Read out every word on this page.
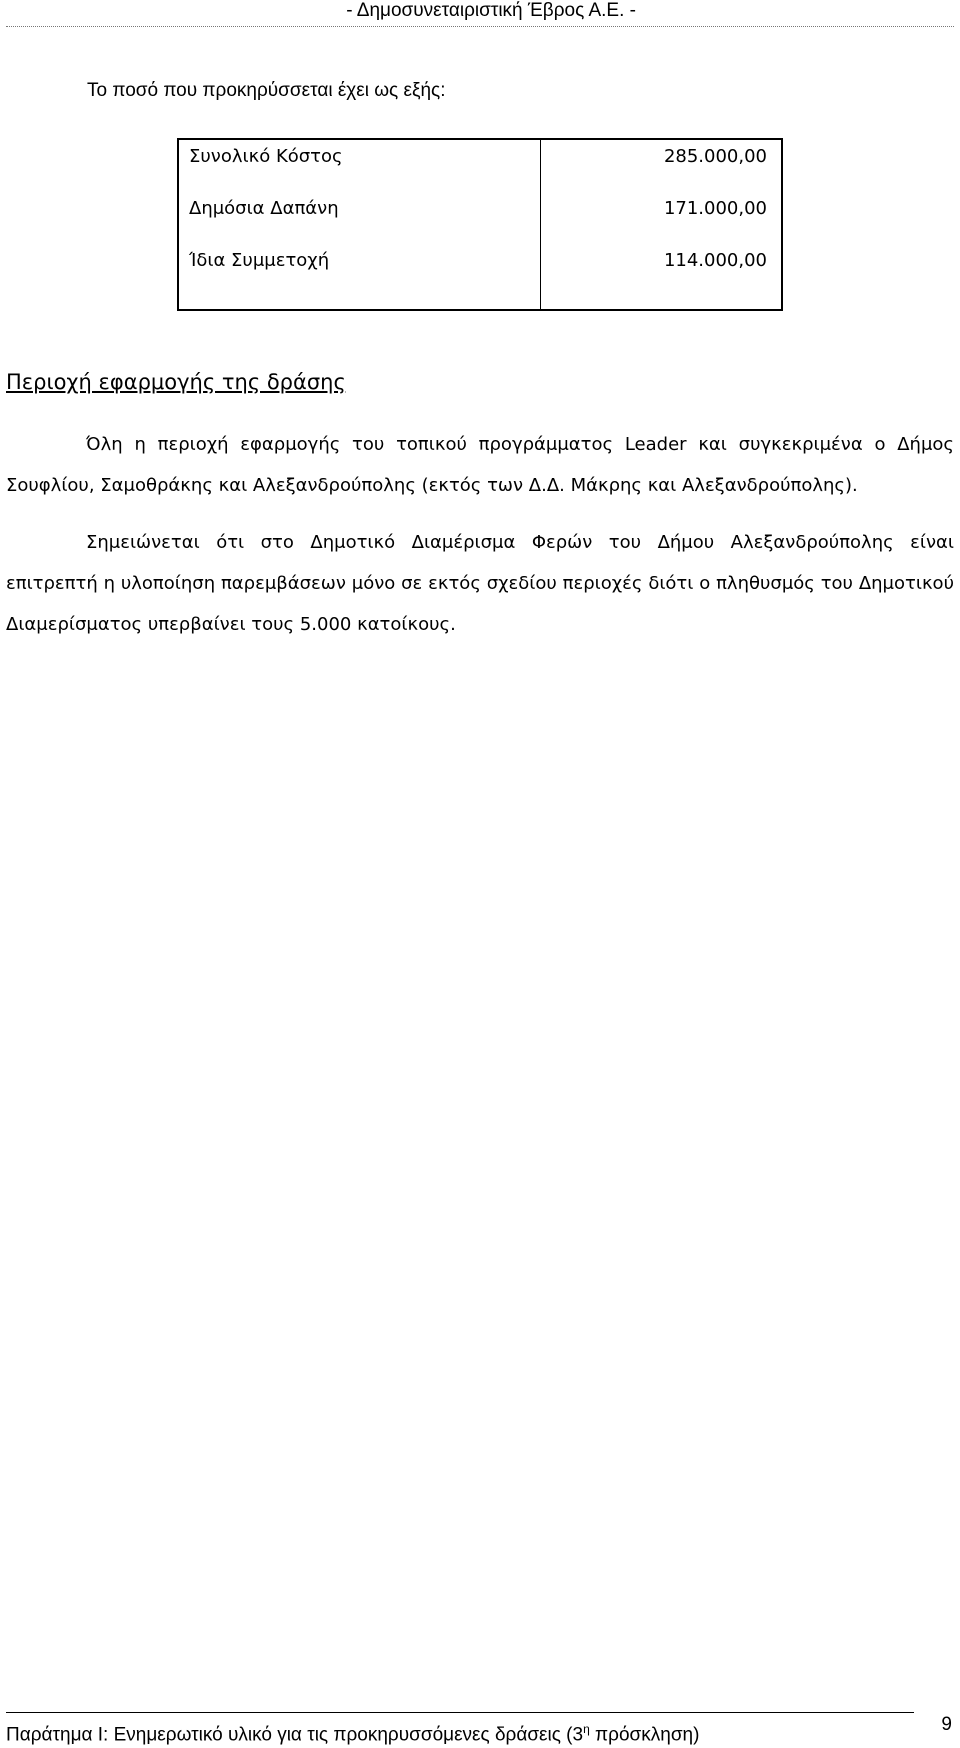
- Δημοσυνεταιριστική Έβρος Α.Ε. -
Το ποσό που προκηρύσσεται έχει ως εξής:
Συνολικό Κόστος	285.000,00
Δημόσια Δαπάνη	171.000,00
Ίδια Συμμετοχή	114.000,00
Περιοχή εφαρμογής της δράσης
Όλη η περιοχή εφαρμογής του τοπικού προγράμματος Leader και συγκεκριμένα ο Δήμος Σουφλίου, Σαμοθράκης και Αλεξανδρούπολης (εκτός των Δ.Δ. Μάκρης και Αλεξανδρούπολης).
Σημειώνεται ότι στο Δημοτικό Διαμέρισμα Φερών του Δήμου Αλεξανδρούπολης είναι επιτρεπτή η υλοποίηση παρεμβάσεων μόνο σε εκτός σχεδίου περιοχές διότι ο πληθυσμός του Δημοτικού Διαμερίσματος υπερβαίνει τους 5.000 κατοίκους.
Παράτημα Ι: Ενημερωτικό υλικό για τις προκηρυσσόμενες δράσεις ($3^\eta$ πρόσκληση)	9
